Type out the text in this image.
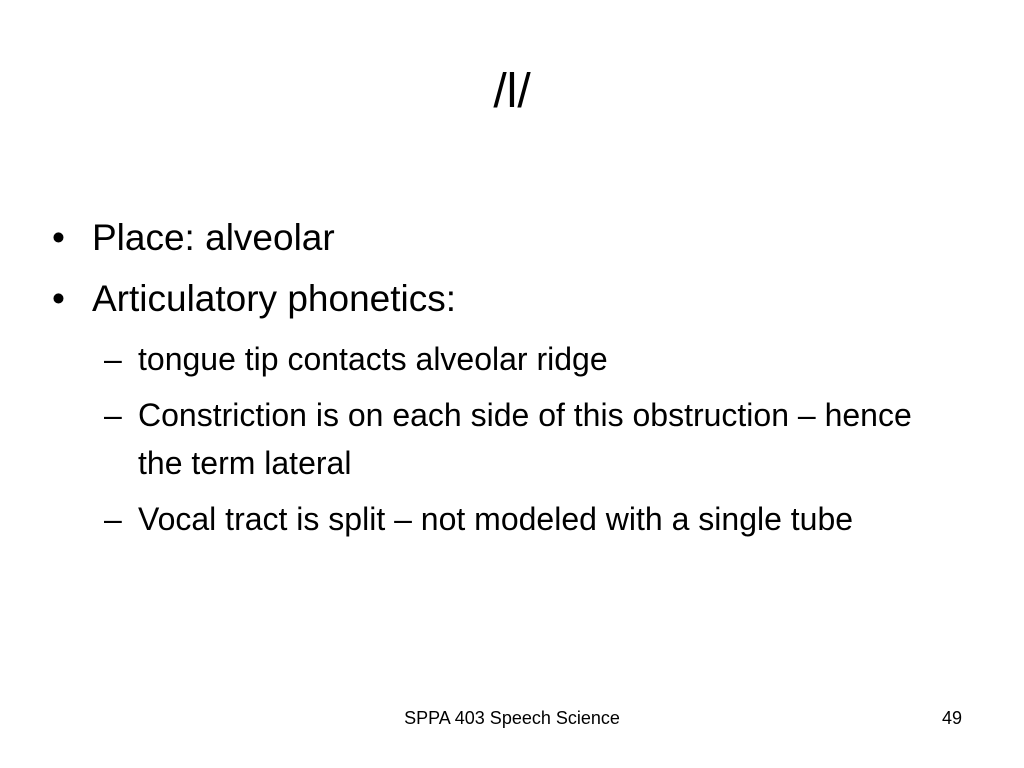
/l/
• Place: alveolar
• Articulatory phonetics:
– tongue tip contacts alveolar ridge
– Constriction is on each side of this obstruction – hence the term lateral
– Vocal tract is split – not modeled with a single tube
SPPA 403 Speech Science	49
